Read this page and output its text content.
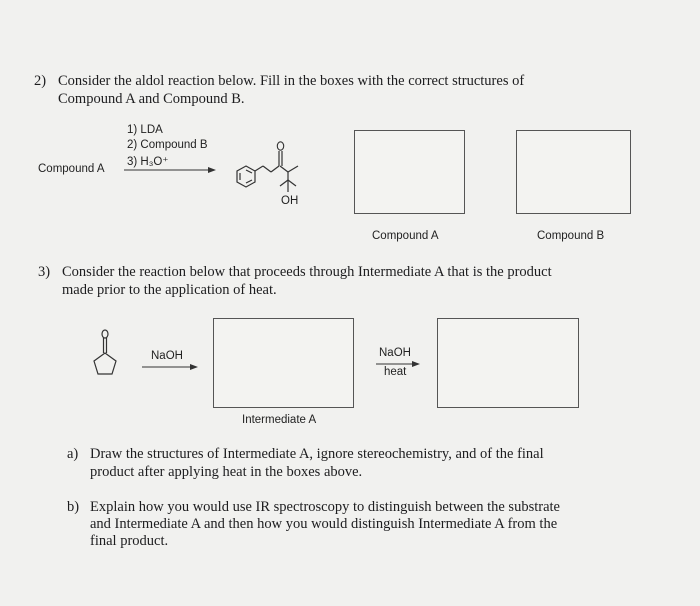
2) Consider the aldol reaction below. Fill in the boxes with the correct structures of
Compound A and Compound B.
1) LDA
2) Compound B
3) H₃O⁺
Compound A
OH
Compound A	Compound B
3) Consider the reaction below that proceeds through Intermediate A that is the product
made prior to the application of heat.
NaOH
Intermediate A
NaOH
heat
a) Draw the structures of Intermediate A, ignore stereochemistry, and of the final
product after applying heat in the boxes above.
b) Explain how you would use IR spectroscopy to distinguish between the substrate
and Intermediate A and then how you would distinguish Intermediate A from the
final product.
